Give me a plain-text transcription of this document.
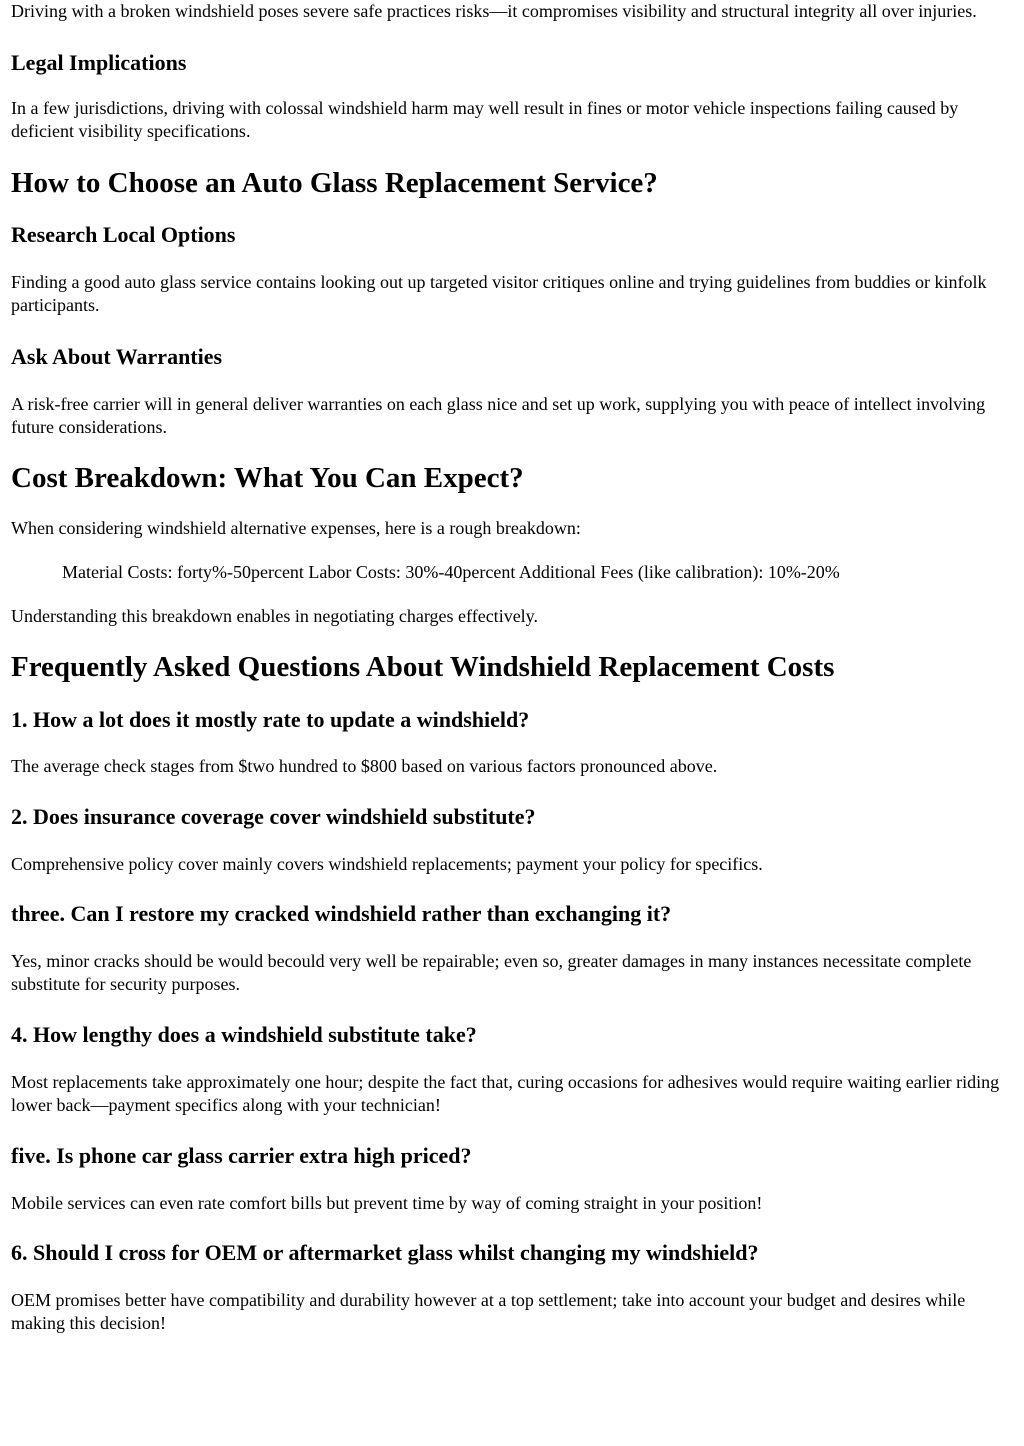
Driving with a broken windshield poses severe safe practices risks—it compromises visibility and structural integrity all over injuries.

Legal Implications

In a few jurisdictions, driving with colossal windshield harm may well result in fines or motor vehicle inspections failing caused by deficient visibility specifications.

How to Choose an Auto Glass Replacement Service?
Research Local Options

Finding a good auto glass service contains looking out up targeted visitor critiques online and trying guidelines from buddies or kinfolk participants.

Ask About Warranties

A risk-free carrier will in general deliver warranties on each glass nice and set up work, supplying you with peace of intellect involving future considerations.

Cost Breakdown: What You Can Expect?

When considering windshield alternative expenses, here is a rough breakdown:

Material Costs: forty%-50percent Labor Costs: 30%-40percent Additional Fees (like calibration): 10%-20%

Understanding this breakdown enables in negotiating charges effectively.

Frequently Asked Questions About Windshield Replacement Costs
1. How a lot does it mostly rate to update a windshield?

The average check stages from $two hundred to $800 based on various factors pronounced above.

2. Does insurance coverage cover windshield substitute?

Comprehensive policy cover mainly covers windshield replacements; payment your policy for specifics.

three. Can I restore my cracked windshield rather than exchanging it?

Yes, minor cracks should be would becould very well be repairable; even so, greater damages in many instances necessitate complete substitute for security purposes.

4. How lengthy does a windshield substitute take?

Most replacements take approximately one hour; despite the fact that, curing occasions for adhesives would require waiting earlier riding lower back—payment specifics along with your technician!

five. Is phone car glass carrier extra high priced?

Mobile services can even rate comfort bills but prevent time by way of coming straight in your position!

6. Should I cross for OEM or aftermarket glass whilst changing my windshield?

OEM promises better have compatibility and durability however at a top settlement; take into account your budget and desires while making this decision!
